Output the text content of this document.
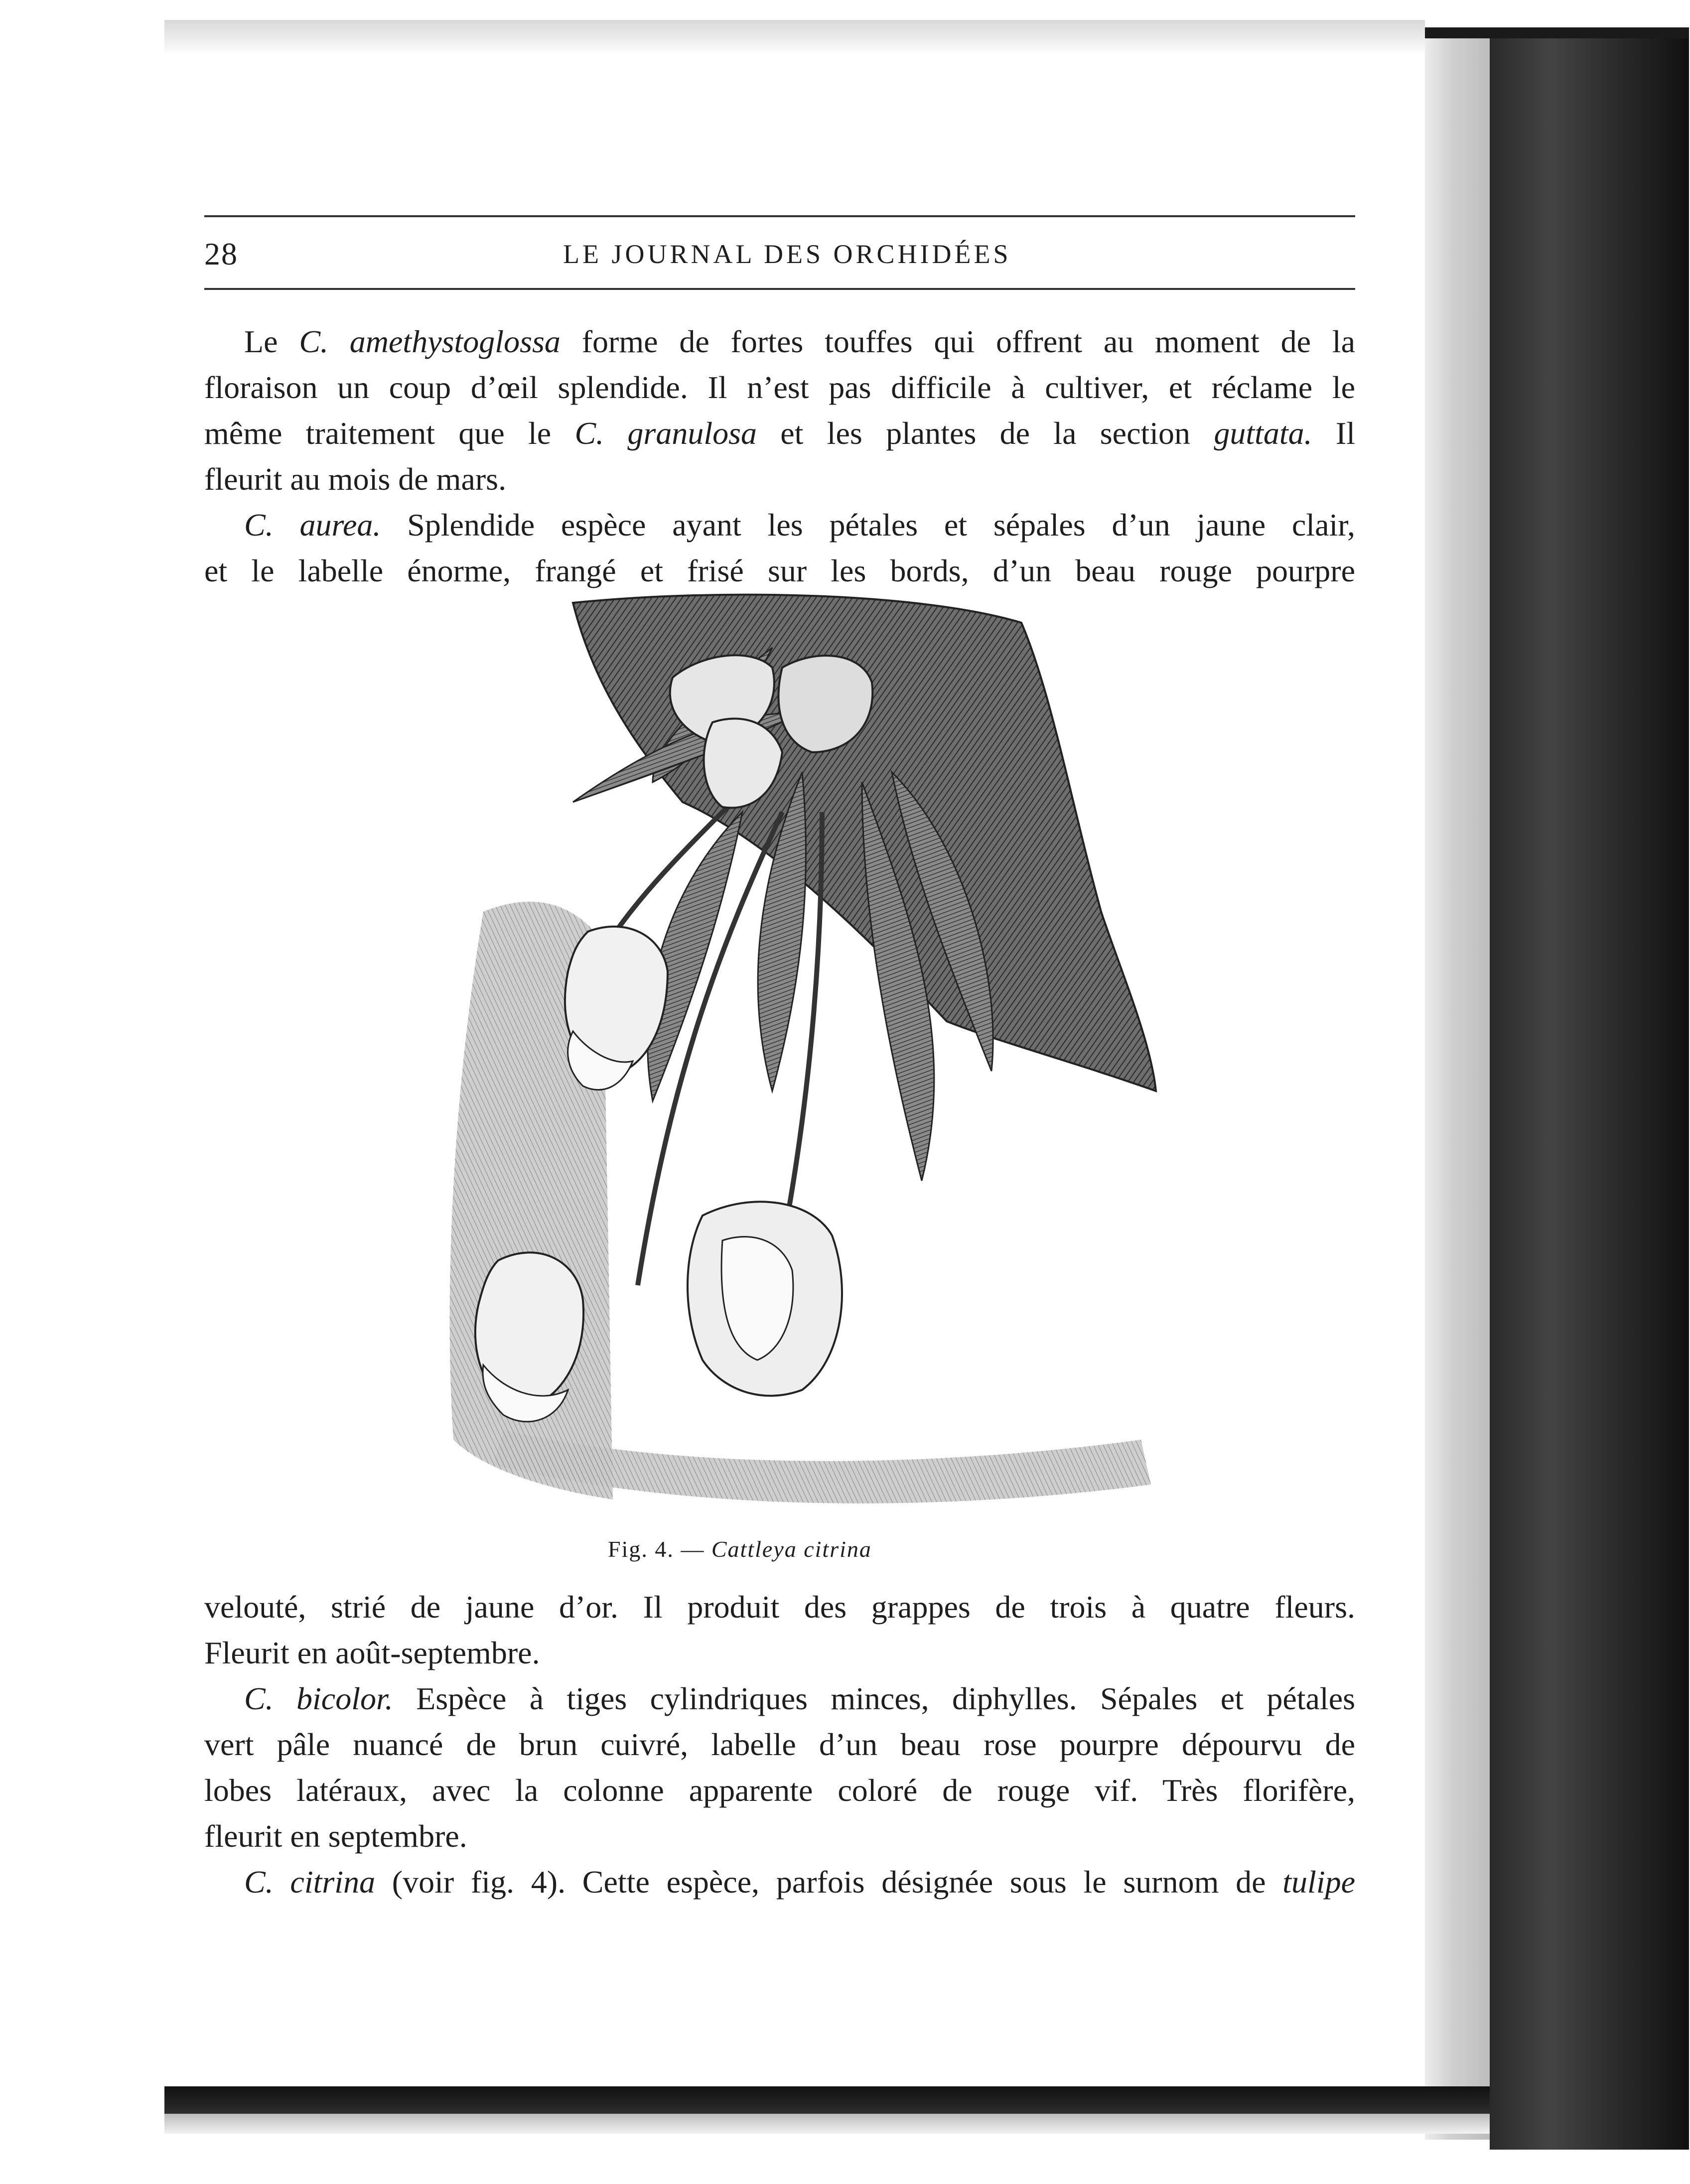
28	LE JOURNAL DES ORCHIDÉES
Le C. amethystoglossa forme de fortes touffes qui offrent au moment de la
floraison un coup d’œil splendide. Il n’est pas difficile à cultiver, et réclame le
même traitement que le C. granulosa et les plantes de la section guttata. Il
fleurit au mois de mars.
C. aurea. Splendide espèce ayant les pétales et sépales d’un jaune clair,
et le labelle énorme, frangé et frisé sur les bords, d’un beau rouge pourpre
Fig. 4. — Cattleya citrina
velouté, strié de jaune d’or. Il produit des grappes de trois à quatre fleurs.
Fleurit en août-septembre.
C. bicolor. Espèce à tiges cylindriques minces, diphylles. Sépales et pétales
vert pâle nuancé de brun cuivré, labelle d’un beau rose pourpre dépourvu de
lobes latéraux, avec la colonne apparente coloré de rouge vif. Très florifère,
fleurit en septembre.
C. citrina (voir fig. 4). Cette espèce, parfois désignée sous le surnom de tulipe
